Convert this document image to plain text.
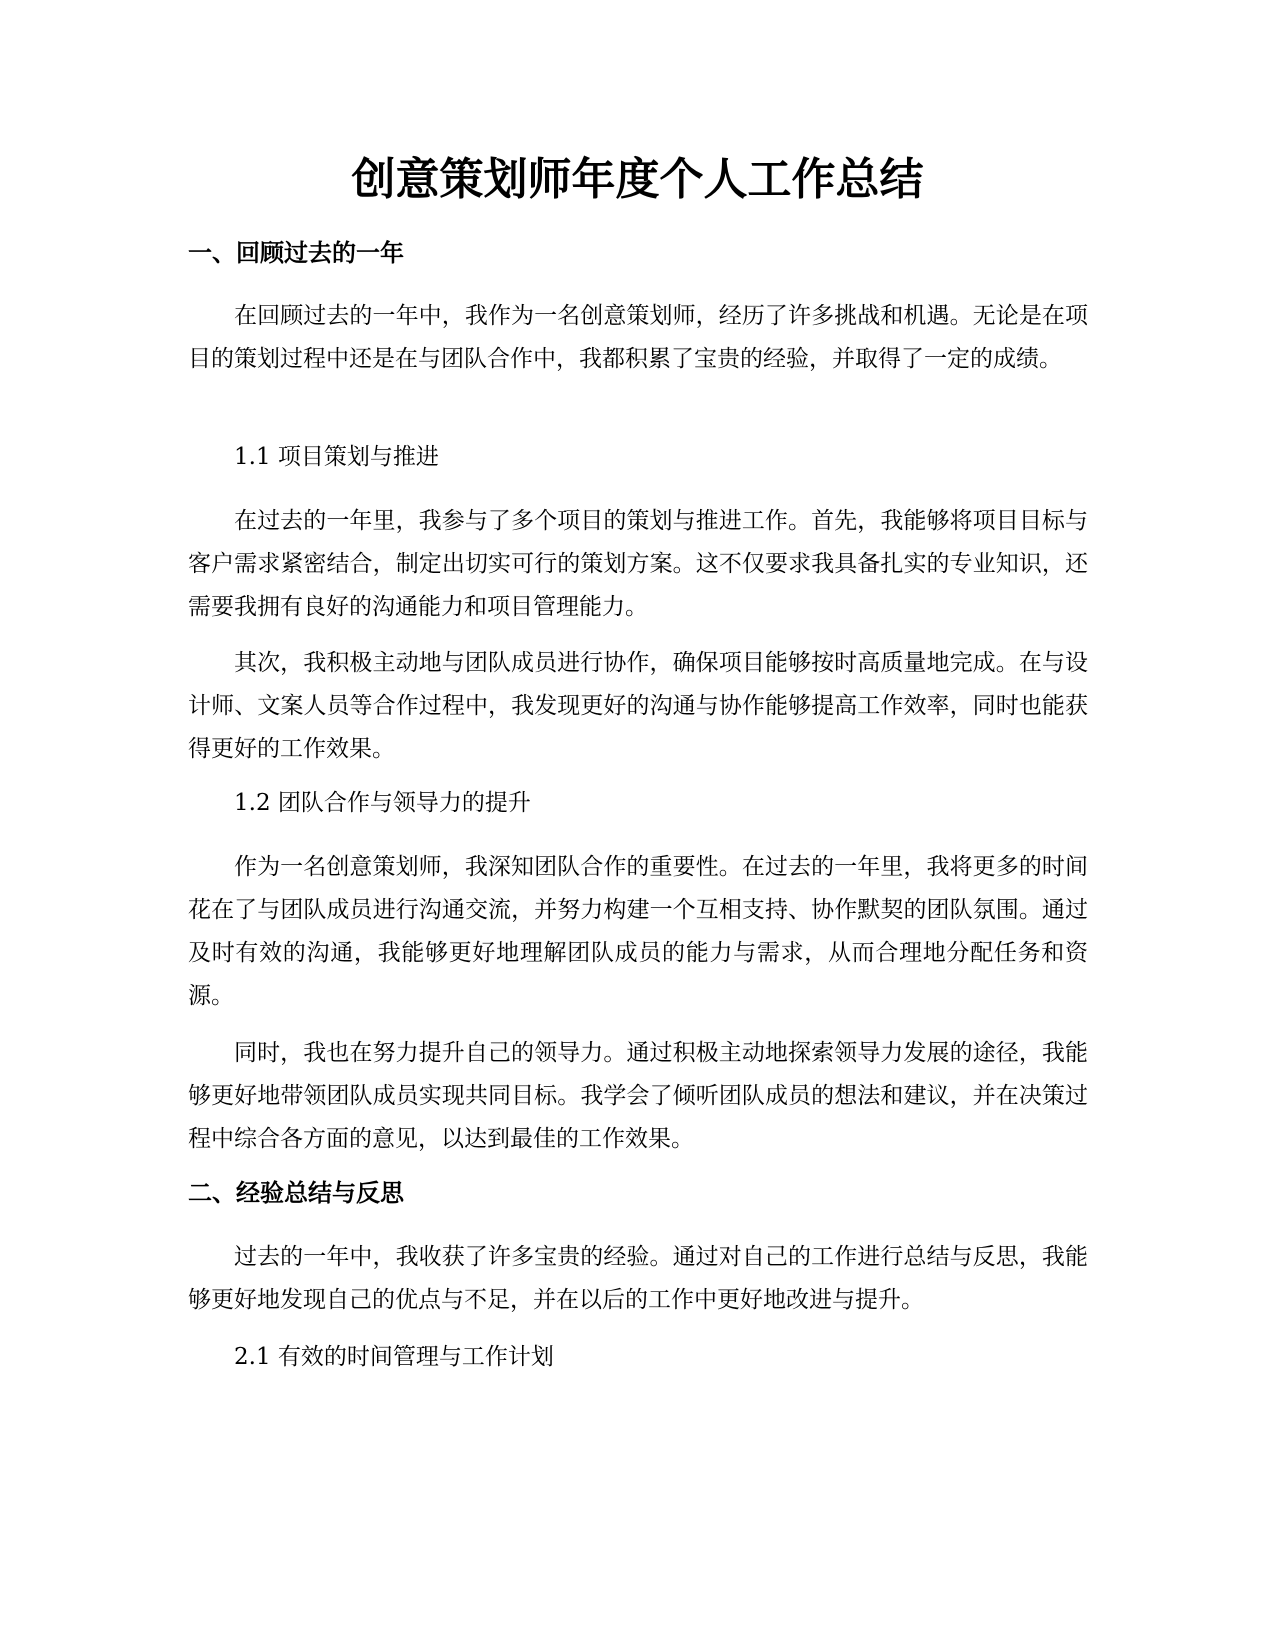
创意策划师年度个人工作总结
一、回顾过去的一年

在回顾过去的一年中，我作为一名创意策划师，经历了许多挑战和机遇。无论是在项目的策划过程中还是在与团队合作中，我都积累了宝贵的经验，并取得了一定的成绩。

1.1 项目策划与推进

在过去的一年里，我参与了多个项目的策划与推进工作。首先，我能够将项目目标与客户需求紧密结合，制定出切实可行的策划方案。这不仅要求我具备扎实的专业知识，还需要我拥有良好的沟通能力和项目管理能力。

其次，我积极主动地与团队成员进行协作，确保项目能够按时高质量地完成。在与设计师、文案人员等合作过程中，我发现更好的沟通与协作能够提高工作效率，同时也能获得更好的工作效果。

1.2 团队合作与领导力的提升

作为一名创意策划师，我深知团队合作的重要性。在过去的一年里，我将更多的时间花在了与团队成员进行沟通交流，并努力构建一个互相支持、协作默契的团队氛围。通过及时有效的沟通，我能够更好地理解团队成员的能力与需求，从而合理地分配任务和资源。

同时，我也在努力提升自己的领导力。通过积极主动地探索领导力发展的途径，我能够更好地带领团队成员实现共同目标。我学会了倾听团队成员的想法和建议，并在决策过程中综合各方面的意见，以达到最佳的工作效果。

二、经验总结与反思

过去的一年中，我收获了许多宝贵的经验。通过对自己的工作进行总结与反思，我能够更好地发现自己的优点与不足，并在以后的工作中更好地改进与提升。

2.1 有效的时间管理与工作计划
